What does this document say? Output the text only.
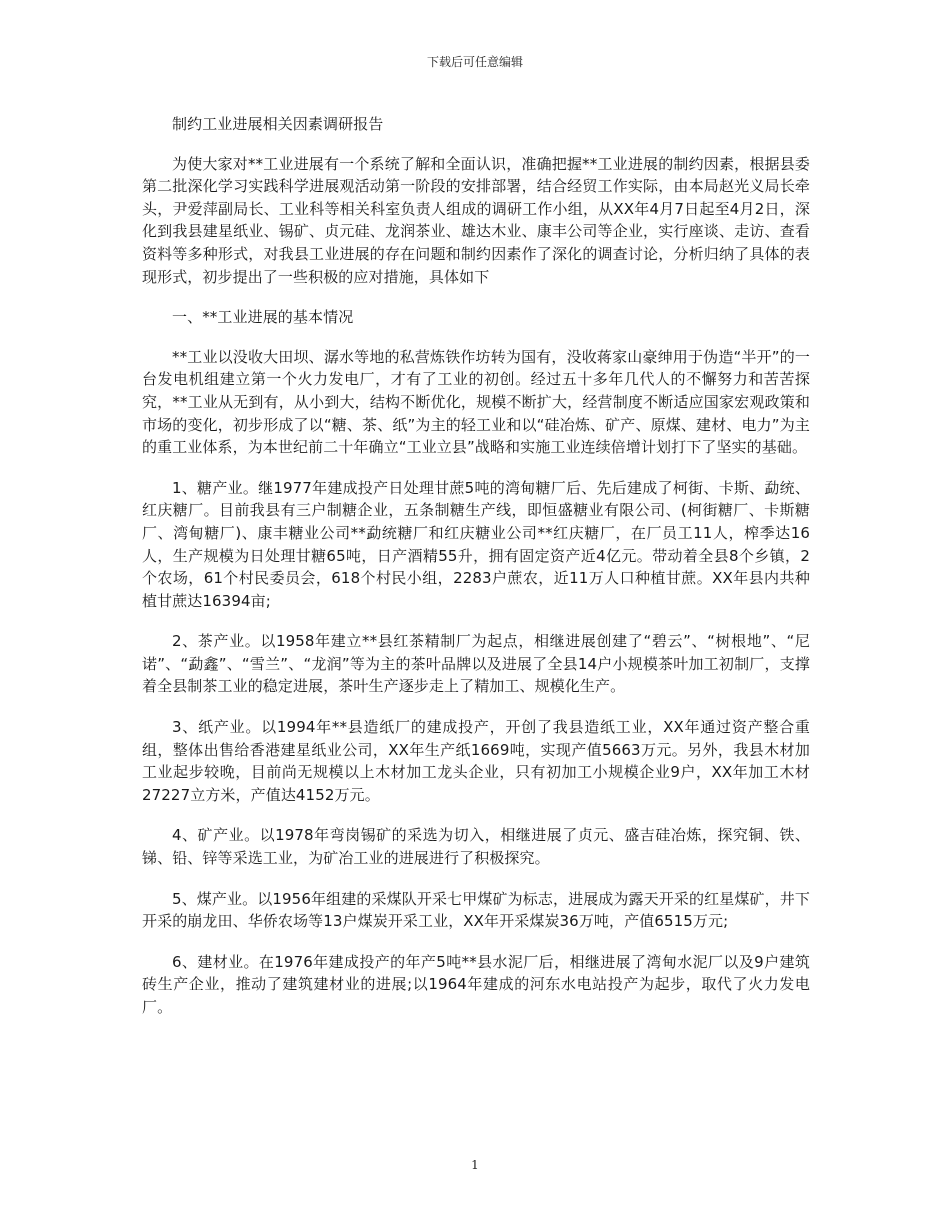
下载后可任意编辑

制约工业进展相关因素调研报告

为使大家对**工业进展有一个系统了解和全面认识，准确把握**工业进展的制约因素，根据县委第二批深化学习实践科学进展观活动第一阶段的安排部署，结合经贸工作实际，由本局赵光义局长牵头，尹爱萍副局长、工业科等相关科室负责人组成的调研工作小组，从XX年4月7日起至4月2日，深化到我县建星纸业、锡矿、贞元硅、龙润茶业、雄达木业、康丰公司等企业，实行座谈、走访、查看资料等多种形式，对我县工业进展的存在问题和制约因素作了深化的调查讨论，分析归纳了具体的表现形式，初步提出了一些积极的应对措施，具体如下

一、**工业进展的基本情况

**工业以没收大田坝、潺水等地的私营炼铁作坊转为国有，没收蒋家山豪绅用于伪造“半开”的一台发电机组建立第一个火力发电厂，才有了工业的初创。经过五十多年几代人的不懈努力和苦苦探究，**工业从无到有，从小到大，结构不断优化，规模不断扩大，经营制度不断适应国家宏观政策和市场的变化，初步形成了以“糖、茶、纸”为主的轻工业和以“硅冶炼、矿产、原煤、建材、电力”为主的重工业体系，为本世纪前二十年确立“工业立县”战略和实施工业连续倍增计划打下了坚实的基础。

1、糖产业。继1977年建成投产日处理甘蔗5吨的湾甸糖厂后、先后建成了柯街、卡斯、勐统、红庆糖厂。目前我县有三户制糖企业，五条制糖生产线，即恒盛糖业有限公司、(柯街糖厂、卡斯糖厂、湾甸糖厂)、康丰糖业公司**勐统糖厂和红庆糖业公司**红庆糖厂，在厂员工11人，榨季达16人，生产规模为日处理甘糖65吨，日产酒精55升，拥有固定资产近4亿元。带动着全县8个乡镇，2个农场，61个村民委员会，618个村民小组，2283户蔗农，近11万人口种植甘蔗。XX年县内共种植甘蔗达16394亩;

2、茶产业。以1958年建立**县红茶精制厂为起点，相继进展创建了“碧云”、“树根地”、“尼诺”、“勐鑫”、“雪兰”、“龙润”等为主的茶叶品牌以及进展了全县14户小规模茶叶加工初制厂，支撑着全县制茶工业的稳定进展，茶叶生产逐步走上了精加工、规模化生产。

3、纸产业。以1994年**县造纸厂的建成投产，开创了我县造纸工业，XX年通过资产整合重组，整体出售给香港建星纸业公司，XX年生产纸1669吨，实现产值5663万元。另外，我县木材加工业起步较晚，目前尚无规模以上木材加工龙头企业，只有初加工小规模企业9户，XX年加工木材27227立方米，产值达4152万元。

4、矿产业。以1978年弯岗锡矿的采选为切入，相继进展了贞元、盛吉硅冶炼，探究铜、铁、锑、铅、锌等采选工业，为矿冶工业的进展进行了积极探究。

5、煤产业。以1956年组建的采煤队开采七甲煤矿为标志，进展成为露天开采的红星煤矿，井下开采的崩龙田、华侨农场等13户煤炭开采工业，XX年开采煤炭36万吨，产值6515万元;

6、建材业。在1976年建成投产的年产5吨**县水泥厂后，相继进展了湾甸水泥厂以及9户建筑砖生产企业，推动了建筑建材业的进展;以1964年建成的河东水电站投产为起步，取代了火力发电厂。

1
